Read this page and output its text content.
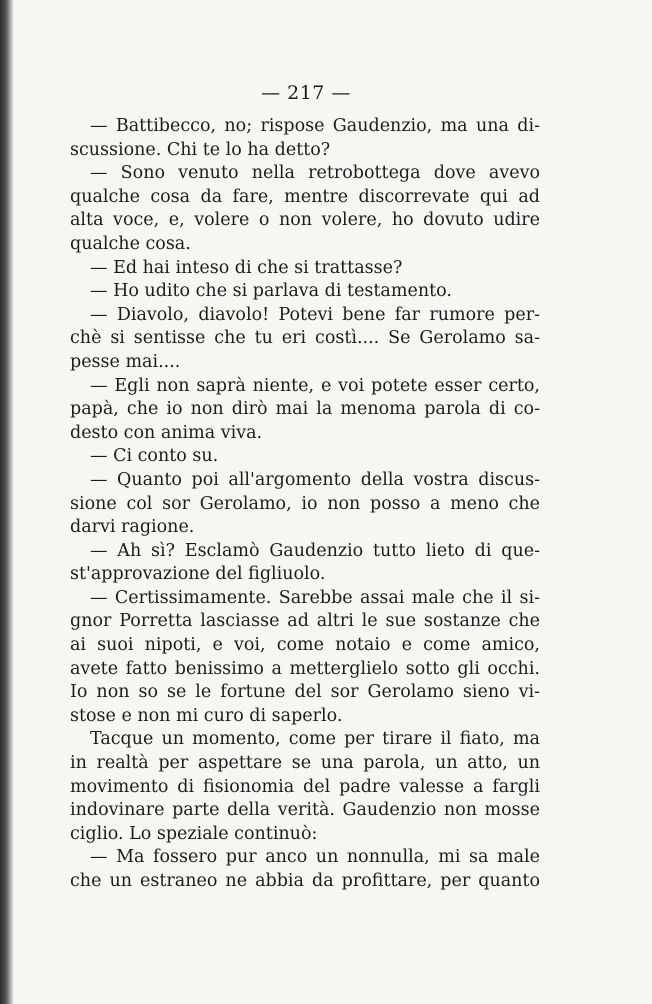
— 217 —
— Battibecco, no; rispose Gaudenzio, ma una di-
scussione. Chi te lo ha detto?
— Sono venuto nella retrobottega dove avevo
qualche cosa da fare, mentre discorrevate qui ad
alta voce, e, volere o non volere, ho dovuto udire
qualche cosa.
— Ed hai inteso di che si trattasse?
— Ho udito che si parlava di testamento.
— Diavolo, diavolo! Potevi bene far rumore per-
chè si sentisse che tu eri costì.... Se Gerolamo sa-
pesse mai....
— Egli non saprà niente, e voi potete esser certo,
papà, che io non dirò mai la menoma parola di co-
desto con anima viva.
— Ci conto su.
— Quanto poi all'argomento della vostra discus-
sione col sor Gerolamo, io non posso a meno che
darvi ragione.
— Ah sì? Esclamò Gaudenzio tutto lieto di que-
st'approvazione del figliuolo.
— Certissimamente. Sarebbe assai male che il si-
gnor Porretta lasciasse ad altri le sue sostanze che
ai suoi nipoti, e voi, come notaio e come amico,
avete fatto benissimo a metterglielo sotto gli occhi.
Io non so se le fortune del sor Gerolamo sieno vi-
stose e non mi curo di saperlo.
Tacque un momento, come per tirare il fiato, ma
in realtà per aspettare se una parola, un atto, un
movimento di fisionomia del padre valesse a fargli
indovinare parte della verità. Gaudenzio non mosse
ciglio. Lo speziale continuò:
— Ma fossero pur anco un nonnulla, mi sa male
che un estraneo ne abbia da profittare, per quanto
